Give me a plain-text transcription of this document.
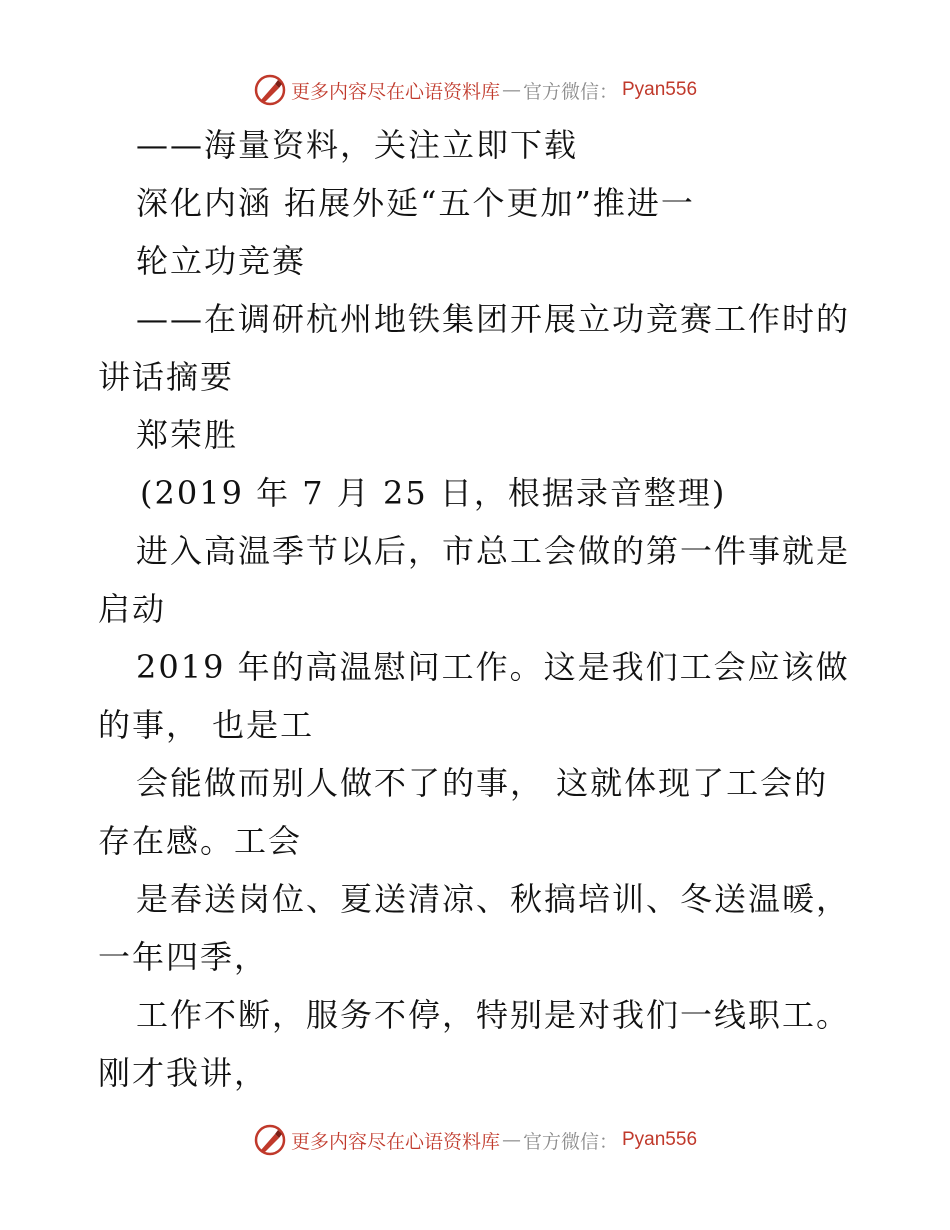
更多内容尽在心语资料库 — 官方微信： Pyan556

——海量资料，关注立即下载

深化内涵 拓展外延“五个更加”推进一

轮立功竞赛

——在调研杭州地铁集团开展立功竞赛工作时的

讲话摘要

郑荣胜

(2019 年 7 月 25 日，根据录音整理)

进入高温季节以后，市总工会做的第一件事就是

启动

2019 年的高温慰问工作。这是我们工会应该做

的事， 也是工

会能做而别人做不了的事， 这就体现了工会的

存在感。工会

是春送岗位、夏送清凉、秋搞培训、冬送温暖，

一年四季，

工作不断，服务不停，特别是对我们一线职工。

刚才我讲，

更多内容尽在心语资料库 — 官方微信： Pyan556
